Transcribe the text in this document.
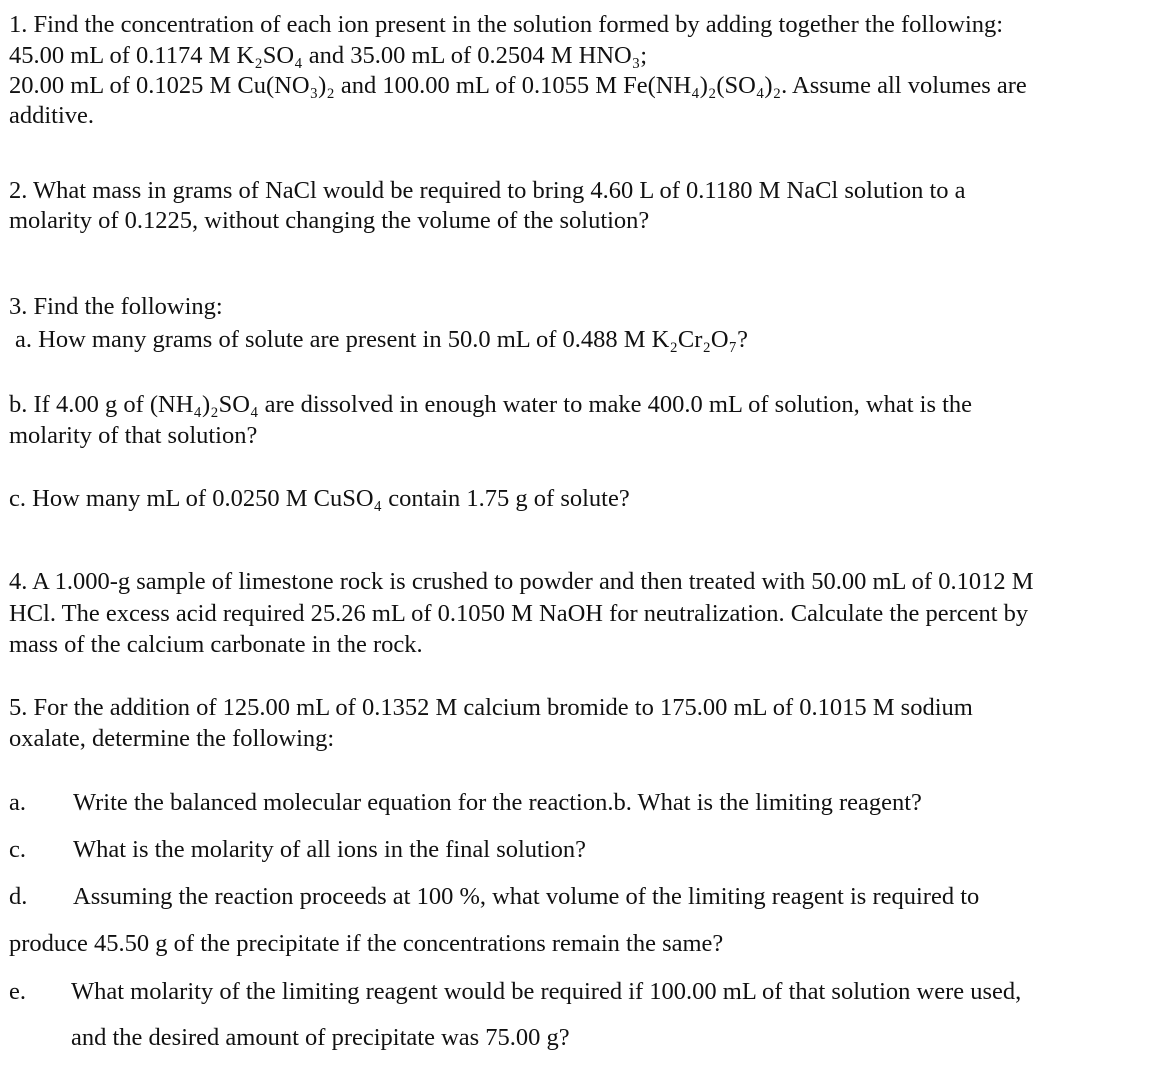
1. Find the concentration of each ion present in the solution formed by adding together the following:
45.00 mL of 0.1174 M K₂SO₄ and 35.00 mL of 0.2504 M HNO₃;
20.00 mL of 0.1025 M Cu(NO₃)₂ and 100.00 mL of 0.1055 M Fe(NH₄)₂(SO₄)₂. Assume all volumes are
additive.
2. What mass in grams of NaCl would be required to bring 4.60 L of 0.1180 M NaCl solution to a
molarity of 0.1225, without changing the volume of the solution?
3. Find the following:
a. How many grams of solute are present in 50.0 mL of 0.488 M K₂Cr₂O₇?
b. If 4.00 g of (NH₄)₂SO₄ are dissolved in enough water to make 400.0 mL of solution, what is the
molarity of that solution?
c. How many mL of 0.0250 M CuSO₄ contain 1.75 g of solute?
4. A 1.000-g sample of limestone rock is crushed to powder and then treated with 50.00 mL of 0.1012 M
HCl. The excess acid required 25.26 mL of 0.1050 M NaOH for neutralization. Calculate the percent by
mass of the calcium carbonate in the rock.
5. For the addition of 125.00 mL of 0.1352 M calcium bromide to 175.00 mL of 0.1015 M sodium
oxalate, determine the following:
a. Write the balanced molecular equation for the reaction.b. What is the limiting reagent?
c. What is the molarity of all ions in the final solution?
d. Assuming the reaction proceeds at 100 %, what volume of the limiting reagent is required to
produce 45.50 g of the precipitate if the concentrations remain the same?
e. What molarity of the limiting reagent would be required if 100.00 mL of that solution were used,
and the desired amount of precipitate was 75.00 g?
